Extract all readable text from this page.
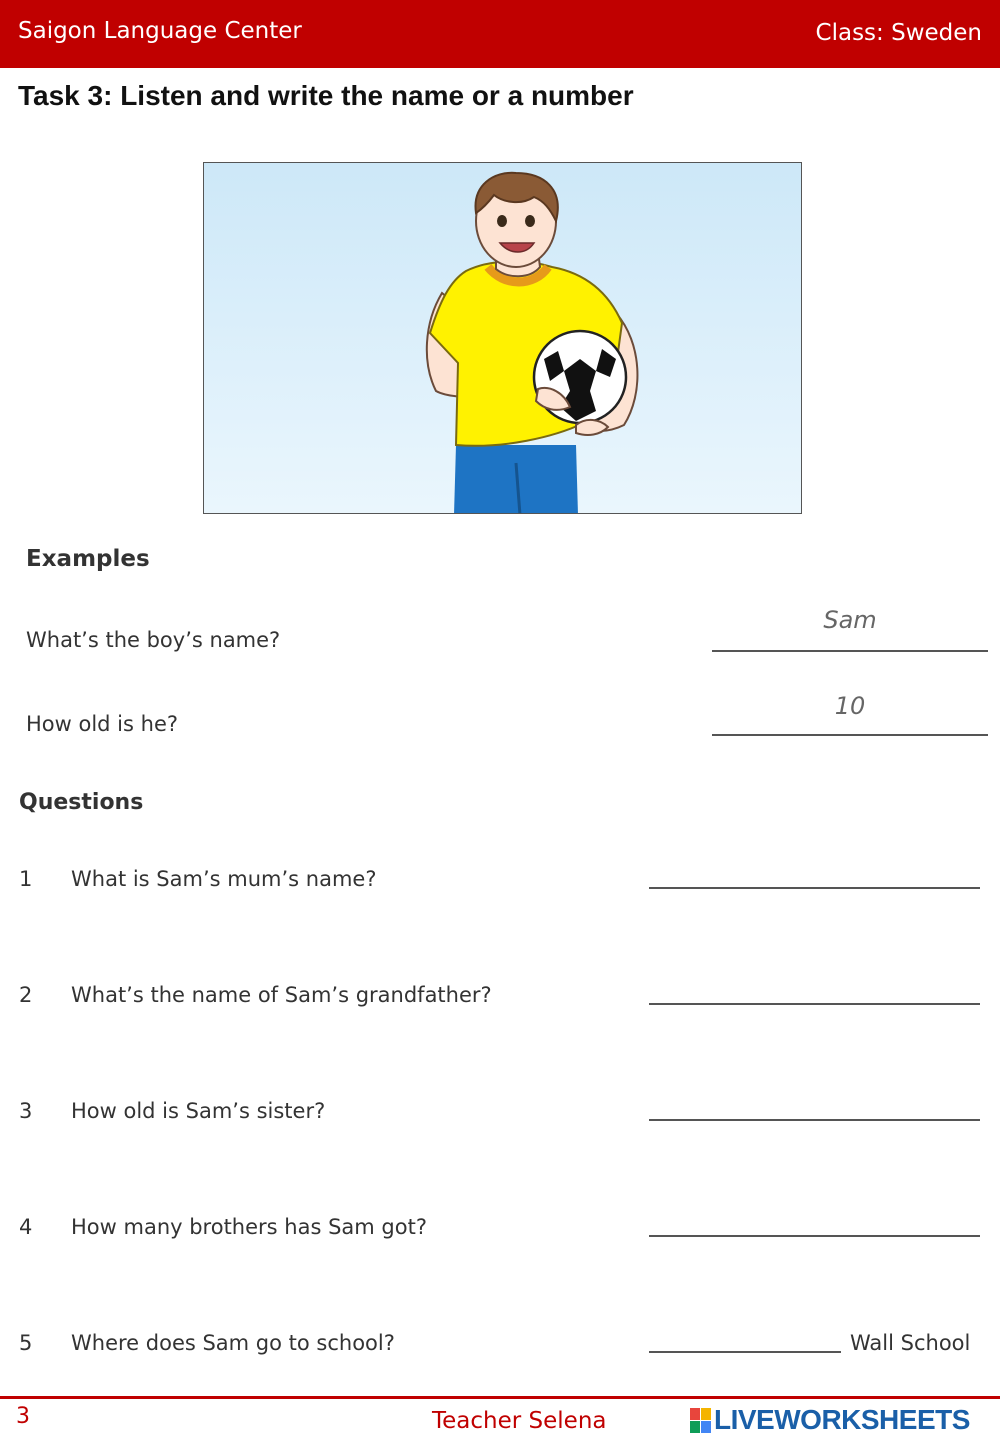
Saigon Language Center	Class: Sweden
Task 3: Listen and write the name or a number
Examples
What’s the boy’s name?
Sam
How old is he?
10
Questions
1 What is Sam’s mum’s name?
2 What’s the name of Sam’s grandfather?
3 How old is Sam’s sister?
4 How many brothers has Sam got?
5 Where does Sam go to school?	Wall School
3	Teacher Selena	LIVEWORKSHEETS
